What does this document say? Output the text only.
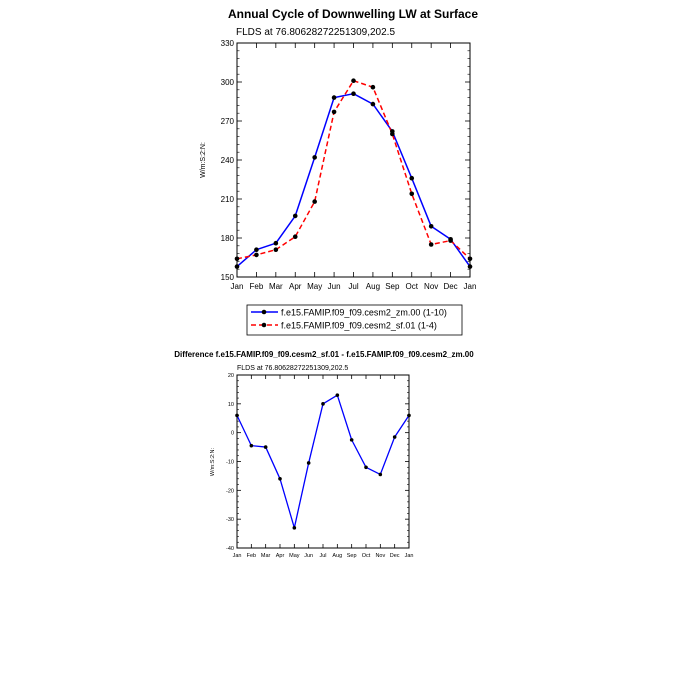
Annual Cycle of Downwelling LW at Surface
FLDS at 76.80628272251309,202.5
W/m:S:2:N:
150
180
210
240
270
300
330
Jan Feb Mar Apr May Jun Jul Aug Sep Oct Nov Dec Jan
f.e15.FAMIP.f09_f09.cesm2_zm.00 (1-10)
f.e15.FAMIP.f09_f09.cesm2_sf.01 (1-4)
Difference f.e15.FAMIP.f09_f09.cesm2_sf.01 - f.e15.FAMIP.f09_f09.cesm2_zm.00
FLDS at 76.80628272251309,202.5
W/m:S:2:N:
-40
-30
-20
-10
0
10
20
Jan Feb Mar Apr May Jun Jul Aug Sep Oct Nov Dec Jan
